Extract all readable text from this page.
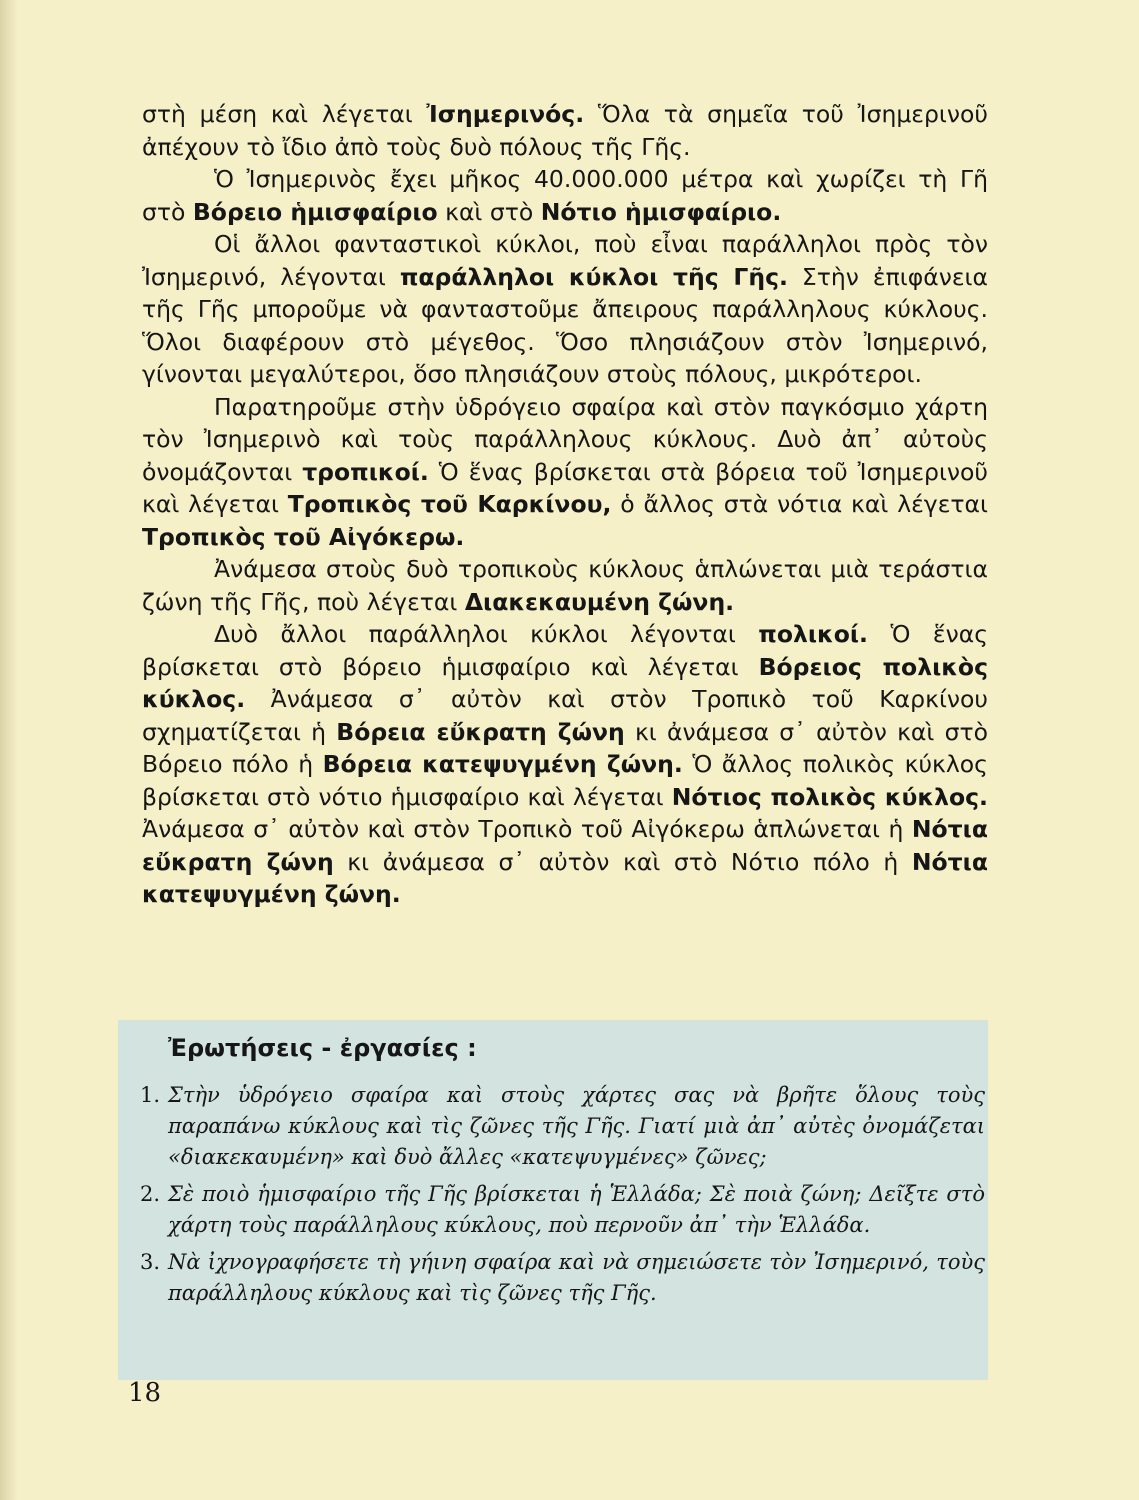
στὴ μέση καὶ λέγεται Ἰσημερινός. Ὅλα τὰ σημεῖα τοῦ Ἰσημερινοῦ ἀπέχουν τὸ ἴδιο ἀπὸ τοὺς δυὸ πόλους τῆς Γῆς.

Ὁ Ἰσημερινὸς ἔχει μῆκος 40.000.000 μέτρα καὶ χωρίζει τὴ Γῆ στὸ Βόρειο ἡμισφαίριο καὶ στὸ Νότιο ἡμισφαίριο.

Οἱ ἄλλοι φανταστικοὶ κύκλοι, ποὺ εἶναι παράλληλοι πρὸς τὸν Ἰσημερινό, λέγονται παράλληλοι κύκλοι τῆς Γῆς. Στὴν ἐπιφάνεια τῆς Γῆς μποροῦμε νὰ φανταστοῦμε ἄπειρους παράλληλους κύκλους. Ὅλοι διαφέρουν στὸ μέγεθος. Ὅσο πλησιάζουν στὸν Ἰσημερινό, γίνονται μεγαλύτεροι, ὅσο πλησιάζουν στοὺς πόλους, μικρότεροι.

Παρατηροῦμε στὴν ὑδρόγειο σφαίρα καὶ στὸν παγκόσμιο χάρτη τὸν Ἰσημερινὸ καὶ τοὺς παράλληλους κύκλους. Δυὸ ἀπ᾽ αὐτοὺς ὀνομάζονται τροπικοί. Ὁ ἕνας βρίσκεται στὰ βόρεια τοῦ Ἰσημερινοῦ καὶ λέγεται Τροπικὸς τοῦ Καρκίνου, ὁ ἄλλος στὰ νότια καὶ λέγεται Τροπικὸς τοῦ Αἰγόκερω.

Ἀνάμεσα στοὺς δυὸ τροπικοὺς κύκλους ἁπλώνεται μιὰ τεράστια ζώνη τῆς Γῆς, ποὺ λέγεται Διακεκαυμένη ζώνη.

Δυὸ ἄλλοι παράλληλοι κύκλοι λέγονται πολικοί. Ὁ ἕνας βρίσκεται στὸ βόρειο ἡμισφαίριο καὶ λέγεται Βόρειος πολικὸς κύκλος. Ἀνάμεσα σ᾽ αὐτὸν καὶ στὸν Τροπικὸ τοῦ Καρκίνου σχηματίζεται ἡ Βόρεια εὔκρατη ζώνη κι ἀνάμεσα σ᾽ αὐτὸν καὶ στὸ Βόρειο πόλο ἡ Βόρεια κατεψυγμένη ζώνη. Ὁ ἄλλος πολικὸς κύκλος βρίσκεται στὸ νότιο ἡμισφαίριο καὶ λέγεται Νότιος πολικὸς κύκλος. Ἀνάμεσα σ᾽ αὐτὸν καὶ στὸν Τροπικὸ τοῦ Αἰγόκερω ἁπλώνεται ἡ Νότια εὔκρατη ζώνη κι ἀνάμεσα σ᾽ αὐτὸν καὶ στὸ Νότιο πόλο ἡ Νότια κατεψυγμένη ζώνη.

Ἐρωτήσεις - ἐργασίες :
1. Στὴν ὑδρόγειο σφαίρα καὶ στοὺς χάρτες σας νὰ βρῆτε ὅλους τοὺς παραπάνω κύκλους καὶ τὶς ζῶνες τῆς Γῆς. Γιατί μιὰ ἀπ᾽ αὐτὲς ὀνομάζεται «διακεκαυμένη» καὶ δυὸ ἄλλες «κατεψυγμένες» ζῶνες;
2. Σὲ ποιὸ ἡμισφαίριο τῆς Γῆς βρίσκεται ἡ Ἑλλάδα; Σὲ ποιὰ ζώνη; Δεῖξτε στὸ χάρτη τοὺς παράλληλους κύκλους, ποὺ περνοῦν ἀπ᾽ τὴν Ἑλλάδα.
3. Νὰ ἰχνογραφήσετε τὴ γήινη σφαίρα καὶ νὰ σημειώσετε τὸν Ἰσημερινό, τοὺς παράλληλους κύκλους καὶ τὶς ζῶνες τῆς Γῆς.
18
